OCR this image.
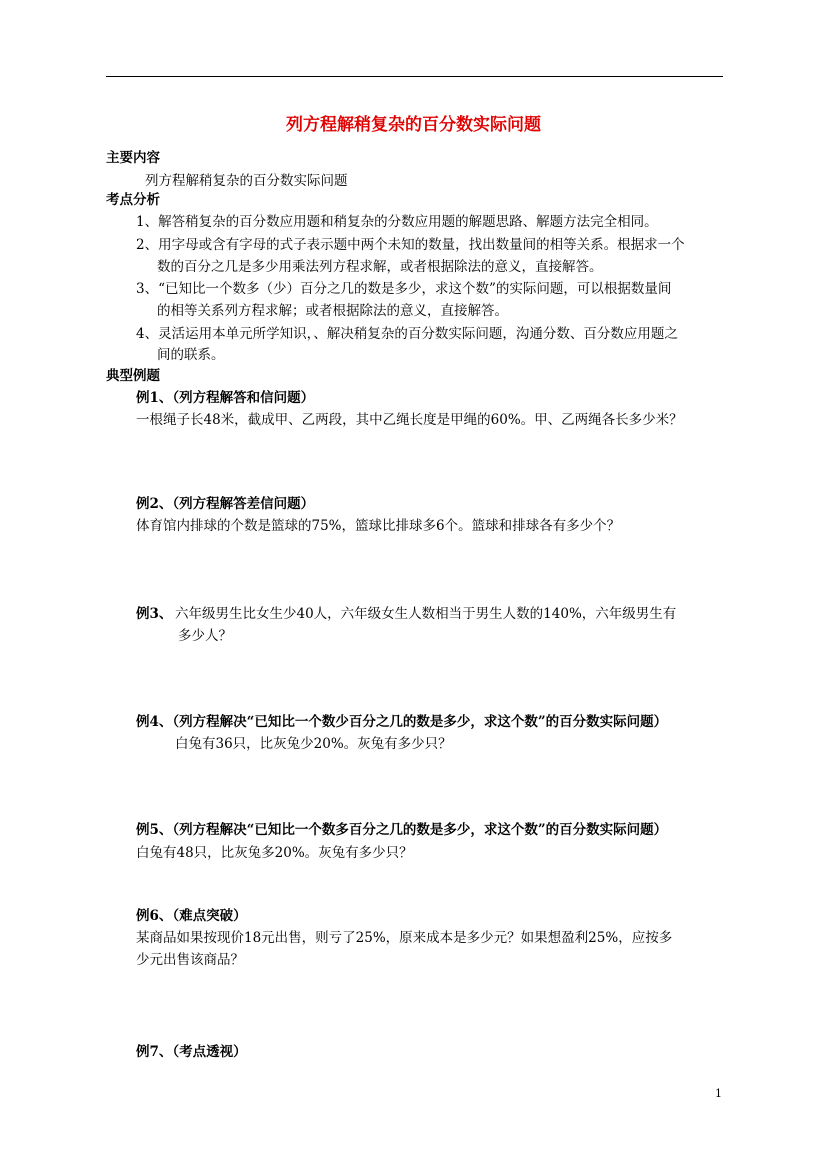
列方程解稍复杂的百分数实际问题
主要内容
列方程解稍复杂的百分数实际问题
考点分析
1、解答稍复杂的百分数应用题和稍复杂的分数应用题的解题思路、解题方法完全相同。
2、用字母或含有字母的式子表示题中两个未知的数量，找出数量间的相等关系。根据求一个
数的百分之几是多少用乘法列方程求解，或者根据除法的意义，直接解答。
3、“已知比一个数多（少）百分之几的数是多少，求这个数”的实际问题，可以根据数量间
的相等关系列方程求解；或者根据除法的意义，直接解答。
4、灵活运用本单元所学知识，、解决稍复杂的百分数实际问题，沟通分数、百分数应用题之
间的联系。
典型例题
例1、（列方程解答和信问题）
一根绳子长48米，截成甲、乙两段，其中乙绳长度是甲绳的60%。甲、乙两绳各长多少米？
例2、（列方程解答差信问题）
体育馆内排球的个数是篮球的75%，篮球比排球多6个。篮球和排球各有多少个？
例3、 六年级男生比女生少40人，六年级女生人数相当于男生人数的140%，六年级男生有
多少人？
例4、（列方程解决“已知比一个数少百分之几的数是多少，求这个数”的百分数实际问题）
白兔有36只，比灰兔少20%。灰兔有多少只？
例5、（列方程解决“已知比一个数多百分之几的数是多少，求这个数”的百分数实际问题）
白兔有48只，比灰兔多20%。灰兔有多少只？
例6、（难点突破）
某商品如果按现价18元出售，则亏了25%，原来成本是多少元？如果想盈利25%，应按多
少元出售该商品？
例7、（考点透视）
1
